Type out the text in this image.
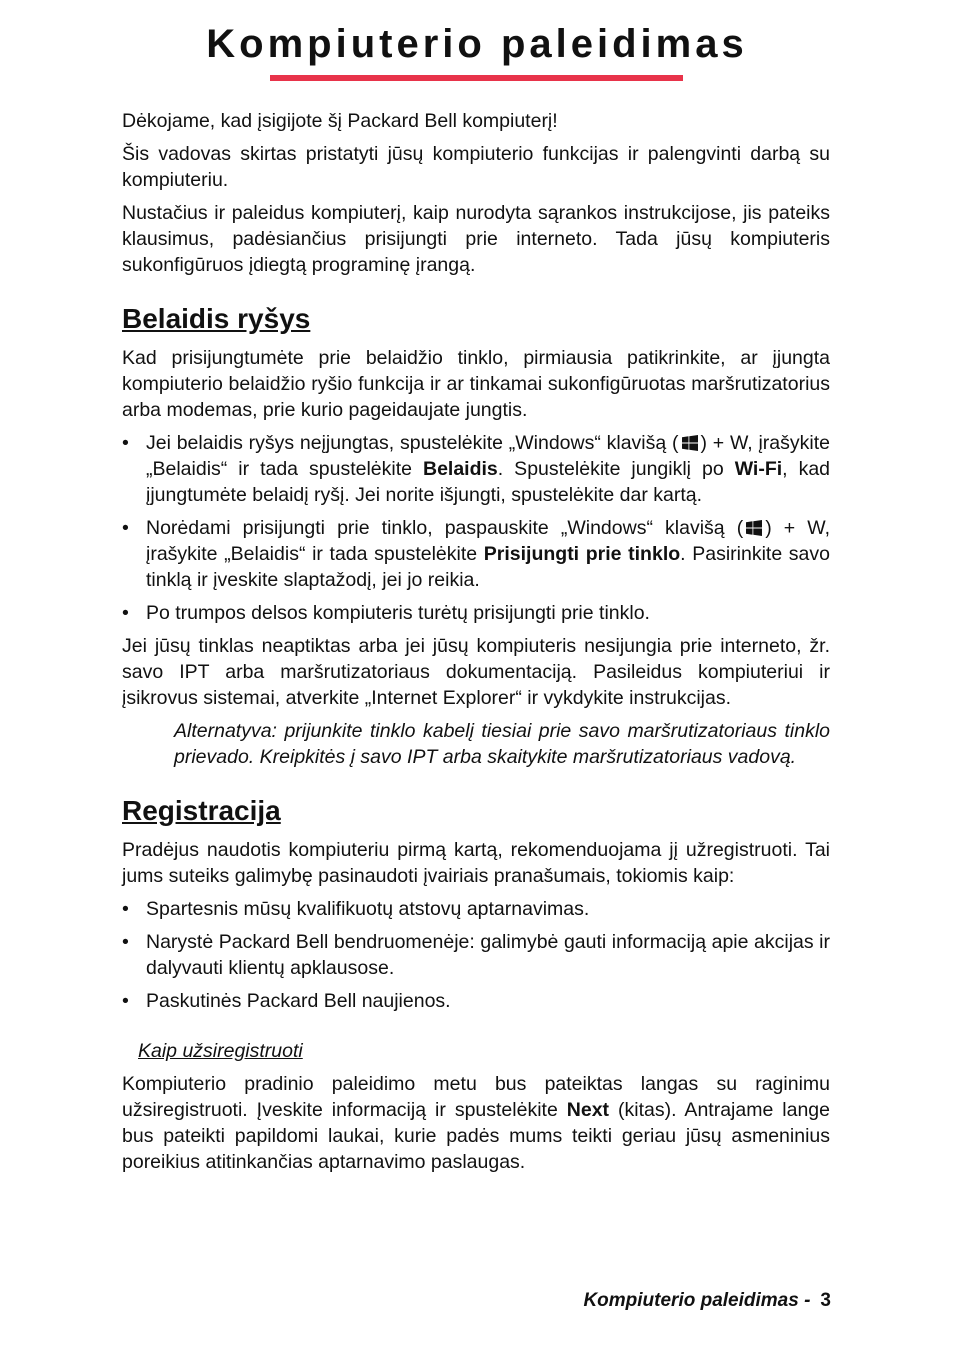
Kompiuterio paleidimas

Dėkojame, kad įsigijote šį Packard Bell kompiuterį!

Šis vadovas skirtas pristatyti jūsų kompiuterio funkcijas ir palengvinti darbą su kompiuteriu.

Nustačius ir paleidus kompiuterį, kaip nurodyta sąrankos instrukcijose, jis pateiks klausimus, padėsiančius prisijungti prie interneto. Tada jūsų kompiuteris sukonfigūruos įdiegtą programinę įrangą.

Belaidis ryšys

Kad prisijungtumėte prie belaidžio tinklo, pirmiausia patikrinkite, ar įjungta kompiuterio belaidžio ryšio funkcija ir ar tinkamai sukonfigūruotas maršrutizatorius arba modemas, prie kurio pageidaujate jungtis.

• Jei belaidis ryšys neįjungtas, spustelėkite „Windows“ klavišą ( ) + W, įrašykite „Belaidis“ ir tada spustelėkite Belaidis. Spustelėkite jungiklį po Wi-Fi, kad įjungtumėte belaidį ryšį. Jei norite išjungti, spustelėkite dar kartą.
• Norėdami prisijungti prie tinklo, paspauskite „Windows“ klavišą ( ) + W, įrašykite „Belaidis“ ir tada spustelėkite Prisijungti prie tinklo. Pasirinkite savo tinklą ir įveskite slaptažodį, jei jo reikia.
• Po trumpos delsos kompiuteris turėtų prisijungti prie tinklo.

Jei jūsų tinklas neaptiktas arba jei jūsų kompiuteris nesijungia prie interneto, žr. savo IPT arba maršrutizatoriaus dokumentaciją. Pasileidus kompiuteriui ir įsikrovus sistemai, atverkite „Internet Explorer“ ir vykdykite instrukcijas.

Alternatyva: prijunkite tinklo kabelį tiesiai prie savo maršrutizatoriaus tinklo prievado. Kreipkitės į savo IPT arba skaitykite maršrutizatoriaus vadovą.

Registracija

Pradėjus naudotis kompiuteriu pirmą kartą, rekomenduojama jį užregistruoti. Tai jums suteiks galimybę pasinaudoti įvairiais pranašumais, tokiomis kaip:

• Spartesnis mūsų kvalifikuotų atstovų aptarnavimas.
• Narystė Packard Bell bendruomenėje: galimybė gauti informaciją apie akcijas ir dalyvauti klientų apklausose.
• Paskutinės Packard Bell naujienos.

Kaip užsiregistruoti

Kompiuterio pradinio paleidimo metu bus pateiktas langas su raginimu užsiregistruoti. Įveskite informaciją ir spustelėkite Next (kitas). Antrajame lange bus pateikti papildomi laukai, kurie padės mums teikti geriau jūsų asmeninius poreikius atitinkančias aptarnavimo paslaugas.

Kompiuterio paleidimas - 3
